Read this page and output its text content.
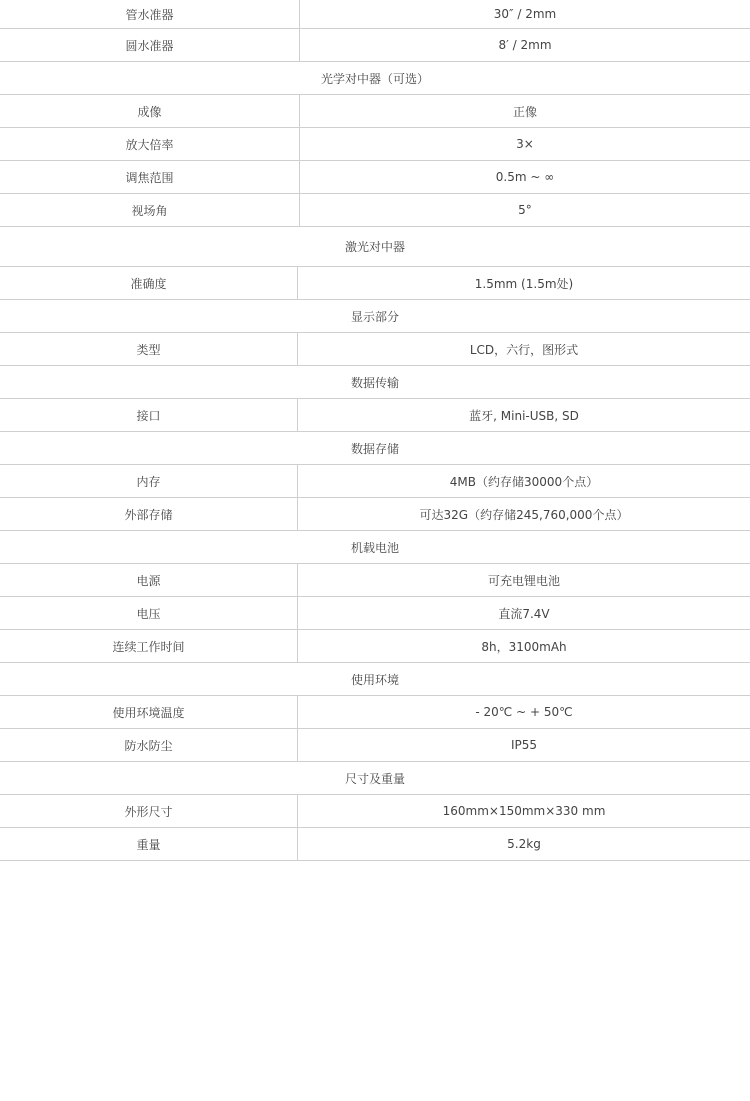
管水准器	30″ / 2mm
圆水准器	8′ / 2mm
光学对中器（可选）
成像	正像
放大倍率	3×
调焦范围	0.5m ~ ∞
视场角	5°
激光对中器
准确度	1.5mm (1.5m处)
显示部分
类型	LCD，六行，图形式
数据传输
接口	蓝牙, Mini-USB, SD
数据存储
内存	4MB（约存储30000个点）
外部存储	可达32G（约存储245,760,000个点）
机载电池
电源	可充电锂电池
电压	直流7.4V
连续工作时间	8h，3100mAh
使用环境
使用环境温度	- 20℃ ~ + 50℃
防水防尘	IP55
尺寸及重量
外形尺寸	160mm×150mm×330 mm
重量	5.2kg
